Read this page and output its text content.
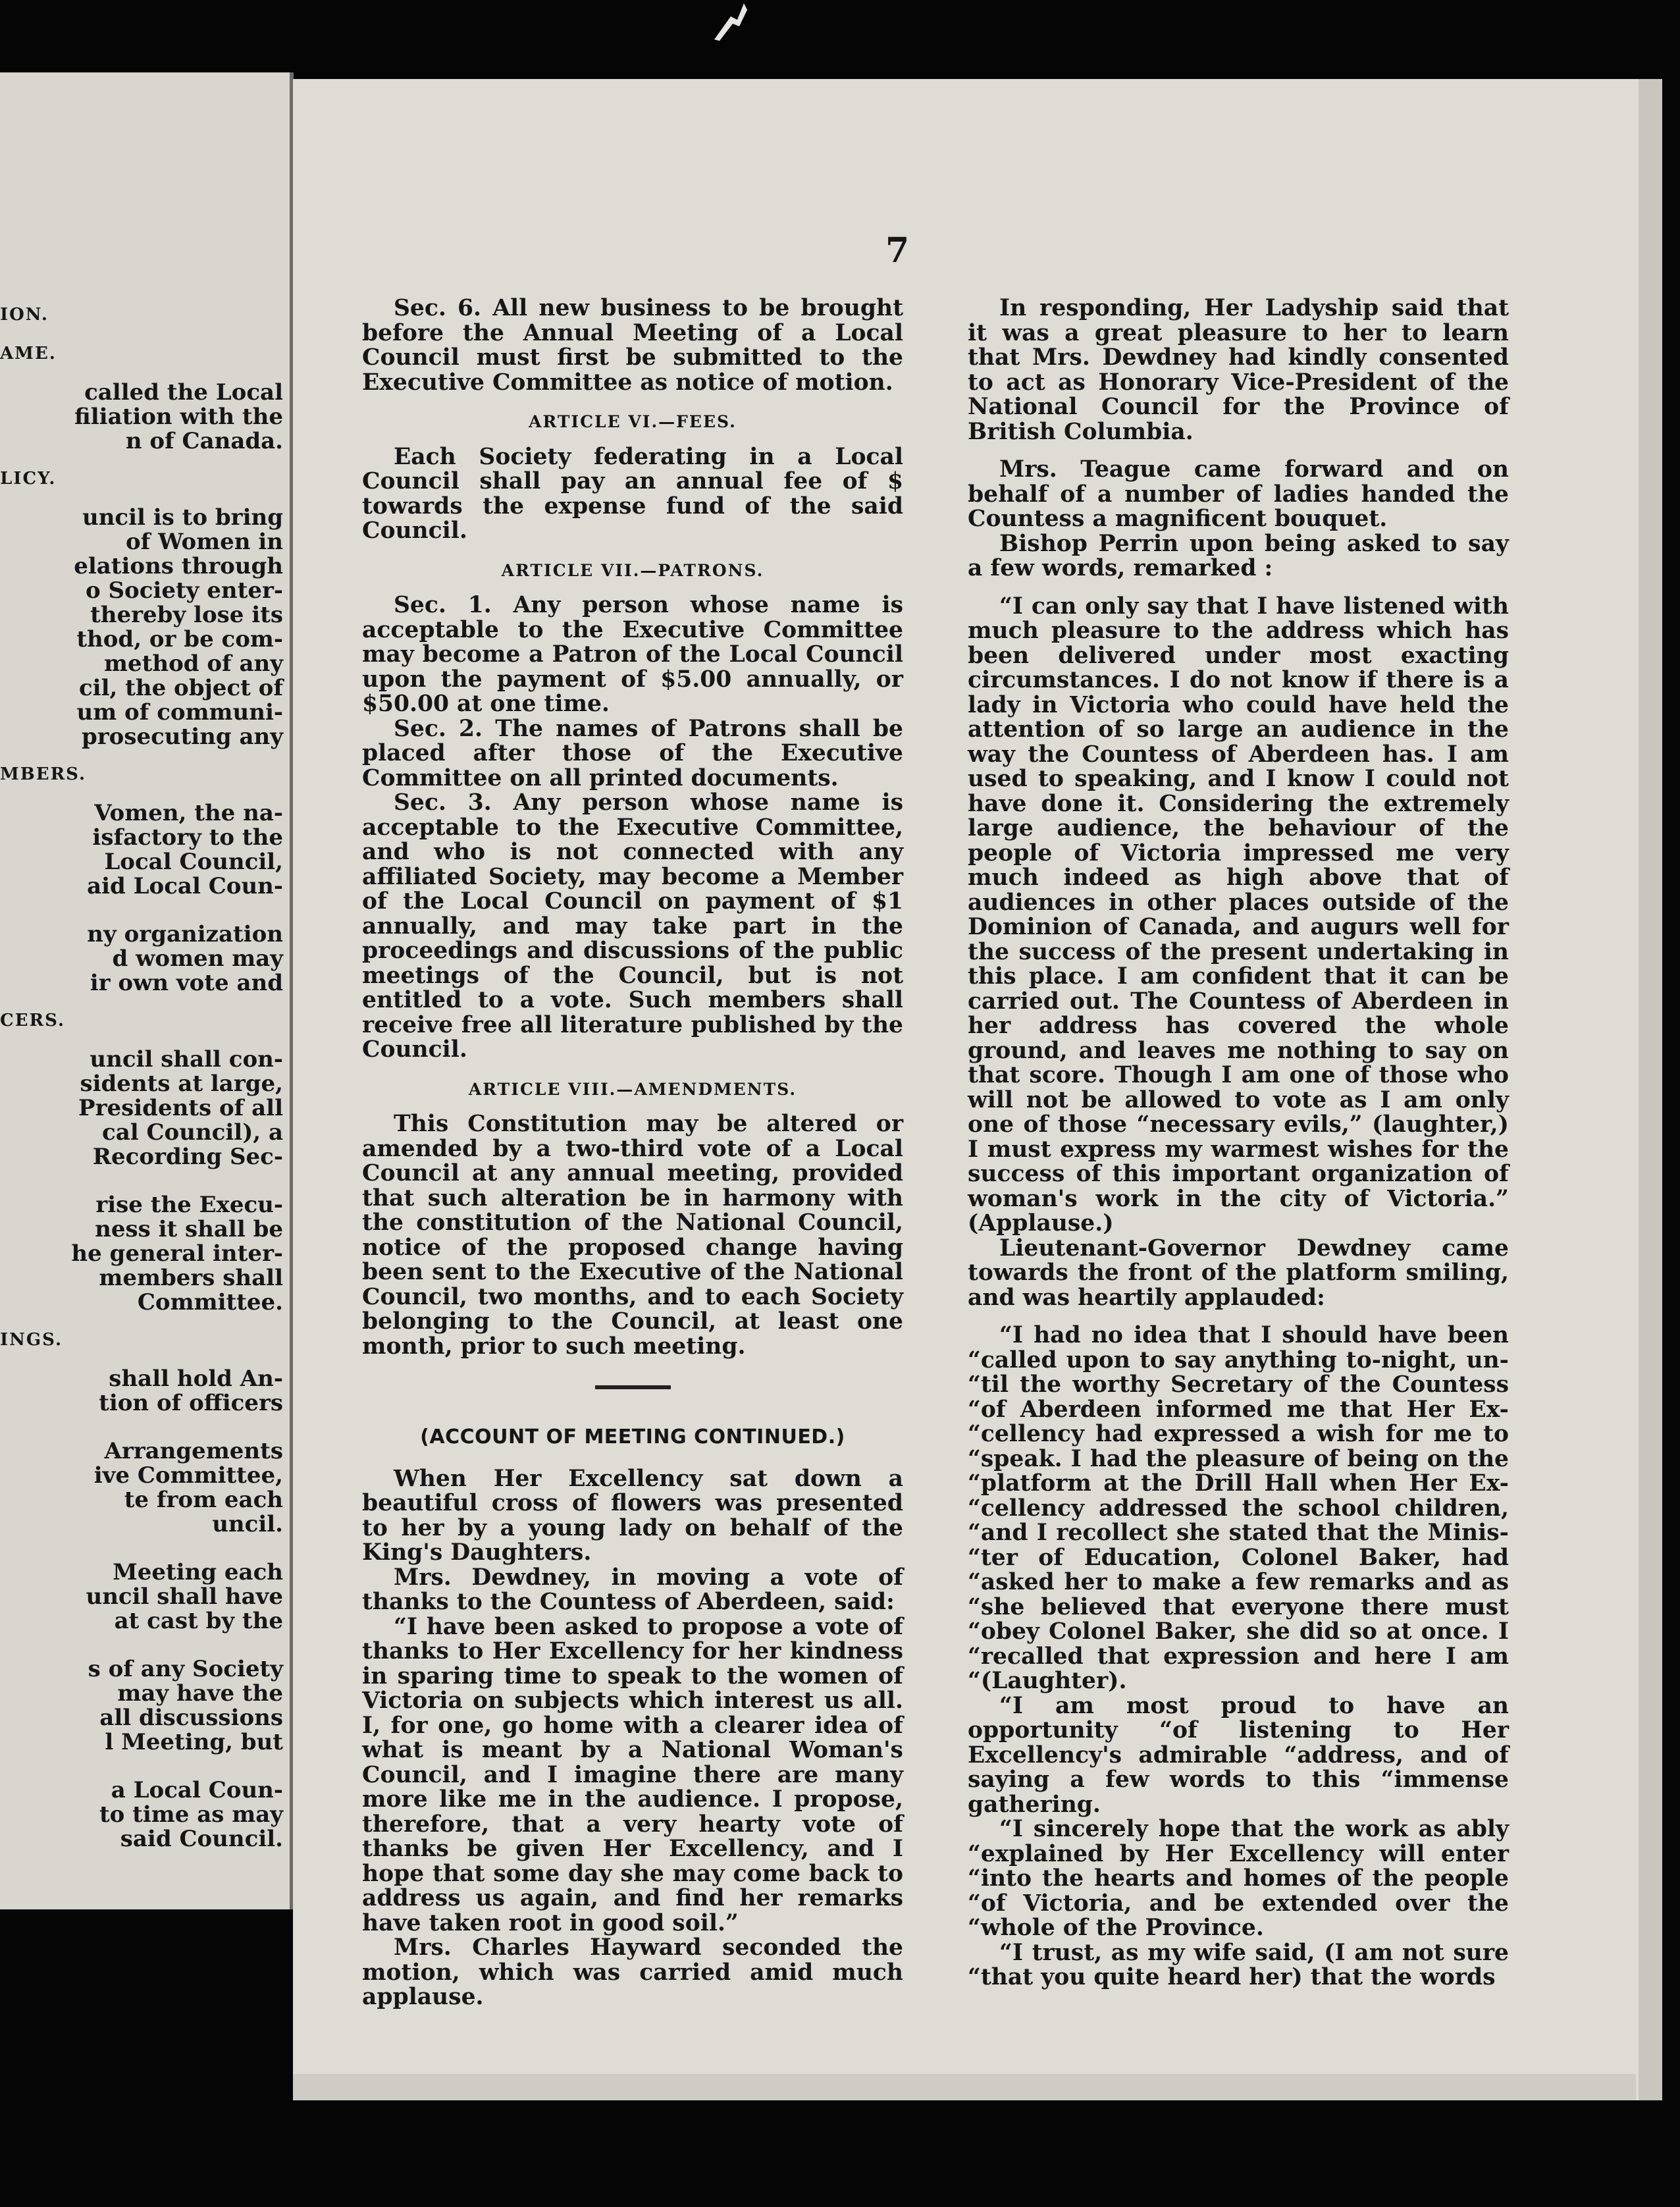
ION.
AME.
called the Local
filiation with the
n of Canada.
LICY.
uncil is to bring
of Women in
elations through
o Society enter-
thereby lose its
thod, or be com-
method of any
cil, the object of
um of communi-
prosecuting any
MBERS.
Vomen, the na-
isfactory to the
Local Council,
aid Local Coun-
ny organization
d women may
ir own vote and
CERS.
uncil shall con-
sidents at large,
Presidents of all
cal Council), a
Recording Sec-
rise the Execu-
ness it shall be
he general inter-
members shall
Committee.
INGS.
shall hold An-
tion of officers
Arrangements
ive Committee,
te from each
uncil.
Meeting each
uncil shall have
at cast by the
s of any Society
may have the
all discussions
l Meeting, but
a Local Coun-
to time as may
said Council.
7

Sec. 6. All new business to be brought before the Annual Meeting of a Local Council must first be submitted to the Executive Committee as notice of motion.

ARTICLE VI.—FEES.

Each Society federating in a Local Council shall pay an annual fee of $ towards the expense fund of the said Council.

ARTICLE VII.—PATRONS.

Sec. 1. Any person whose name is acceptable to the Executive Committee may become a Patron of the Local Council upon the payment of $5.00 annually, or $50.00 at one time.

Sec. 2. The names of Patrons shall be placed after those of the Executive Committee on all printed documents.

Sec. 3. Any person whose name is acceptable to the Executive Committee, and who is not connected with any affiliated Society, may become a Member of the Local Council on payment of $1 annually, and may take part in the proceedings and discussions of the public meetings of the Council, but is not entitled to a vote. Such members shall receive free all literature published by the Council.

ARTICLE VIII.—AMENDMENTS.

This Constitution may be altered or amended by a two-third vote of a Local Council at any annual meeting, provided that such alteration be in harmony with the constitution of the National Council, notice of the proposed change having been sent to the Executive of the National Council, two months, and to each Society belonging to the Council, at least one month, prior to such meeting.

(ACCOUNT OF MEETING CONTINUED.)

When Her Excellency sat down a beautiful cross of flowers was presented to her by a young lady on behalf of the King's Daughters.

Mrs. Dewdney, in moving a vote of thanks to the Countess of Aberdeen, said:

“I have been asked to propose a vote of thanks to Her Excellency for her kindness in sparing time to speak to the women of Victoria on subjects which interest us all. I, for one, go home with a clearer idea of what is meant by a National Woman's Council, and I imagine there are many more like me in the audience. I propose, therefore, that a very hearty vote of thanks be given Her Excellency, and I hope that some day she may come back to address us again, and find her remarks have taken root in good soil.”

Mrs. Charles Hayward seconded the motion, which was carried amid much applause.

In responding, Her Ladyship said that it was a great pleasure to her to learn that Mrs. Dewdney had kindly consented to act as Honorary Vice-President of the National Council for the Province of British Columbia.

Mrs. Teague came forward and on behalf of a number of ladies handed the Countess a magnificent bouquet.

Bishop Perrin upon being asked to say a few words, remarked :

“I can only say that I have listened with much pleasure to the address which has been delivered under most exacting circumstances. I do not know if there is a lady in Victoria who could have held the attention of so large an audience in the way the Countess of Aberdeen has. I am used to speaking, and I know I could not have done it. Considering the extremely large audience, the behaviour of the people of Victoria impressed me very much indeed as high above that of audiences in other places outside of the Dominion of Canada, and augurs well for the success of the present undertaking in this place. I am confident that it can be carried out. The Countess of Aberdeen in her address has covered the whole ground, and leaves me nothing to say on that score. Though I am one of those who will not be allowed to vote as I am only one of those “necessary evils,” (laughter,) I must express my warmest wishes for the success of this important organization of woman's work in the city of Victoria.” (Applause.)

Lieutenant-Governor Dewdney came towards the front of the platform smiling, and was heartily applauded:

“I had no idea that I should have been “called upon to say anything to-night, un- “til the worthy Secretary of the Countess “of Aberdeen informed me that Her Ex- “cellency had expressed a wish for me to “speak. I had the pleasure of being on the “platform at the Drill Hall when Her Ex- “cellency addressed the school children, “and I recollect she stated that the Minis- “ter of Education, Colonel Baker, had “asked her to make a few remarks and as “she believed that everyone there must “obey Colonel Baker, she did so at once. I “recalled that expression and here I am “(Laughter).

“I am most proud to have an opportunity “of listening to Her Excellency's admirable “address, and of saying a few words to this “immense gathering.

“I sincerely hope that the work as ably “explained by Her Excellency will enter “into the hearts and homes of the people “of Victoria, and be extended over the “whole of the Province.

“I trust, as my wife said, (I am not sure “that you quite heard her) that the words
